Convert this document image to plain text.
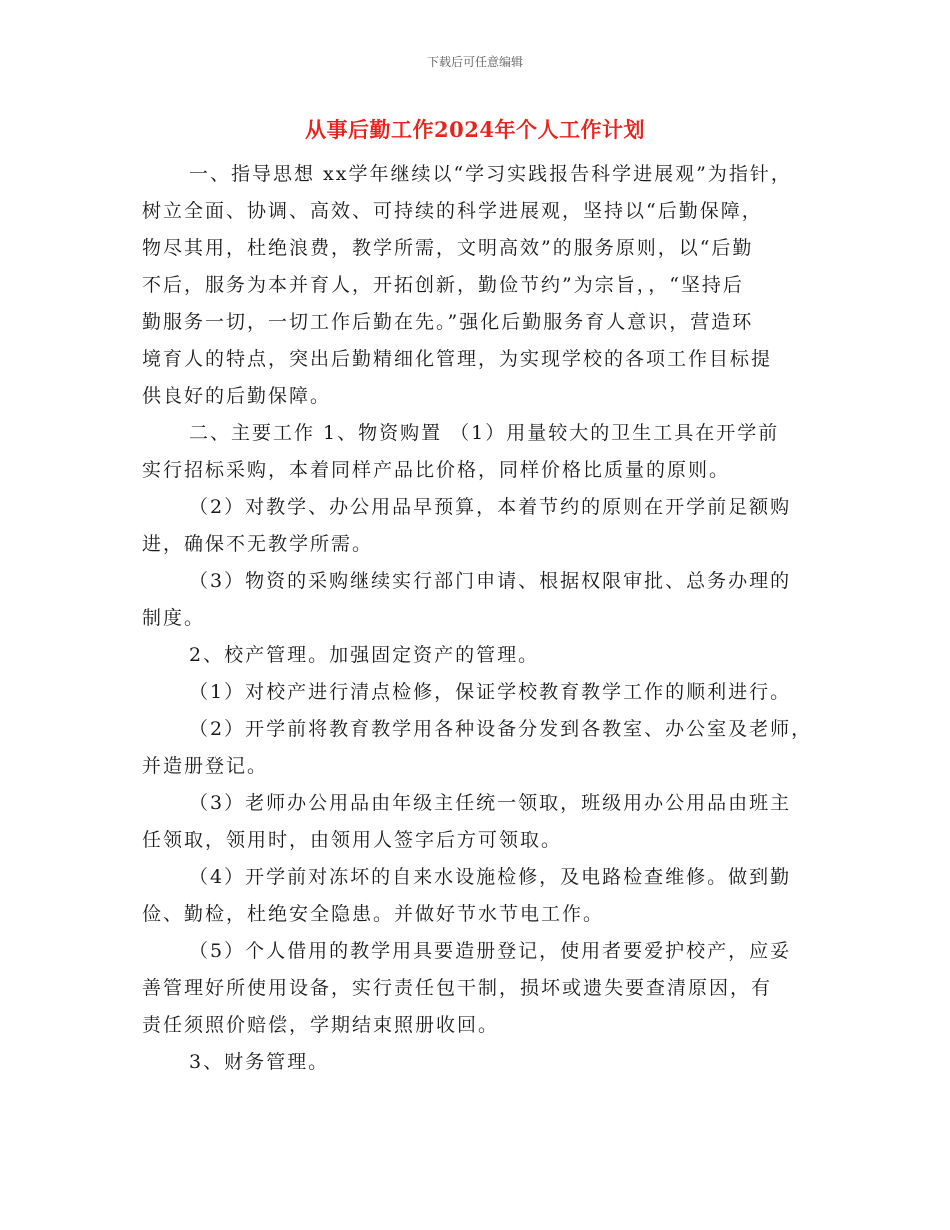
下载后可任意编辑
从事后勤工作2024年个人工作计划
一、指导思想 xx学年继续以“学习实践报告科学进展观”为指针，
树立全面、协调、高效、可持续的科学进展观，坚持以“后勤保障，
物尽其用，杜绝浪费，教学所需，文明高效”的服务原则，以“后勤
不后，服务为本并育人，开拓创新，勤俭节约”为宗旨，，“坚持后
勤服务一切，一切工作后勤在先。”强化后勤服务育人意识，营造环
境育人的特点，突出后勤精细化管理，为实现学校的各项工作目标提
供良好的后勤保障。
二、主要工作 1、物资购置 （1）用量较大的卫生工具在开学前
实行招标采购，本着同样产品比价格，同样价格比质量的原则。
（2）对教学、办公用品早预算，本着节约的原则在开学前足额购
进，确保不无教学所需。
（3）物资的采购继续实行部门申请、根据权限审批、总务办理的
制度。
2、校产管理。加强固定资产的管理。
（1）对校产进行清点检修，保证学校教育教学工作的顺利进行。
（2）开学前将教育教学用各种设备分发到各教室、办公室及老师，
并造册登记。
（3）老师办公用品由年级主任统一领取，班级用办公用品由班主
任领取，领用时，由领用人签字后方可领取。
（4）开学前对冻坏的自来水设施检修，及电路检查维修。做到勤
俭、勤检，杜绝安全隐患。并做好节水节电工作。
（5）个人借用的教学用具要造册登记，使用者要爱护校产，应妥
善管理好所使用设备，实行责任包干制，损坏或遗失要查清原因，有
责任须照价赔偿，学期结束照册收回。
3、财务管理。
